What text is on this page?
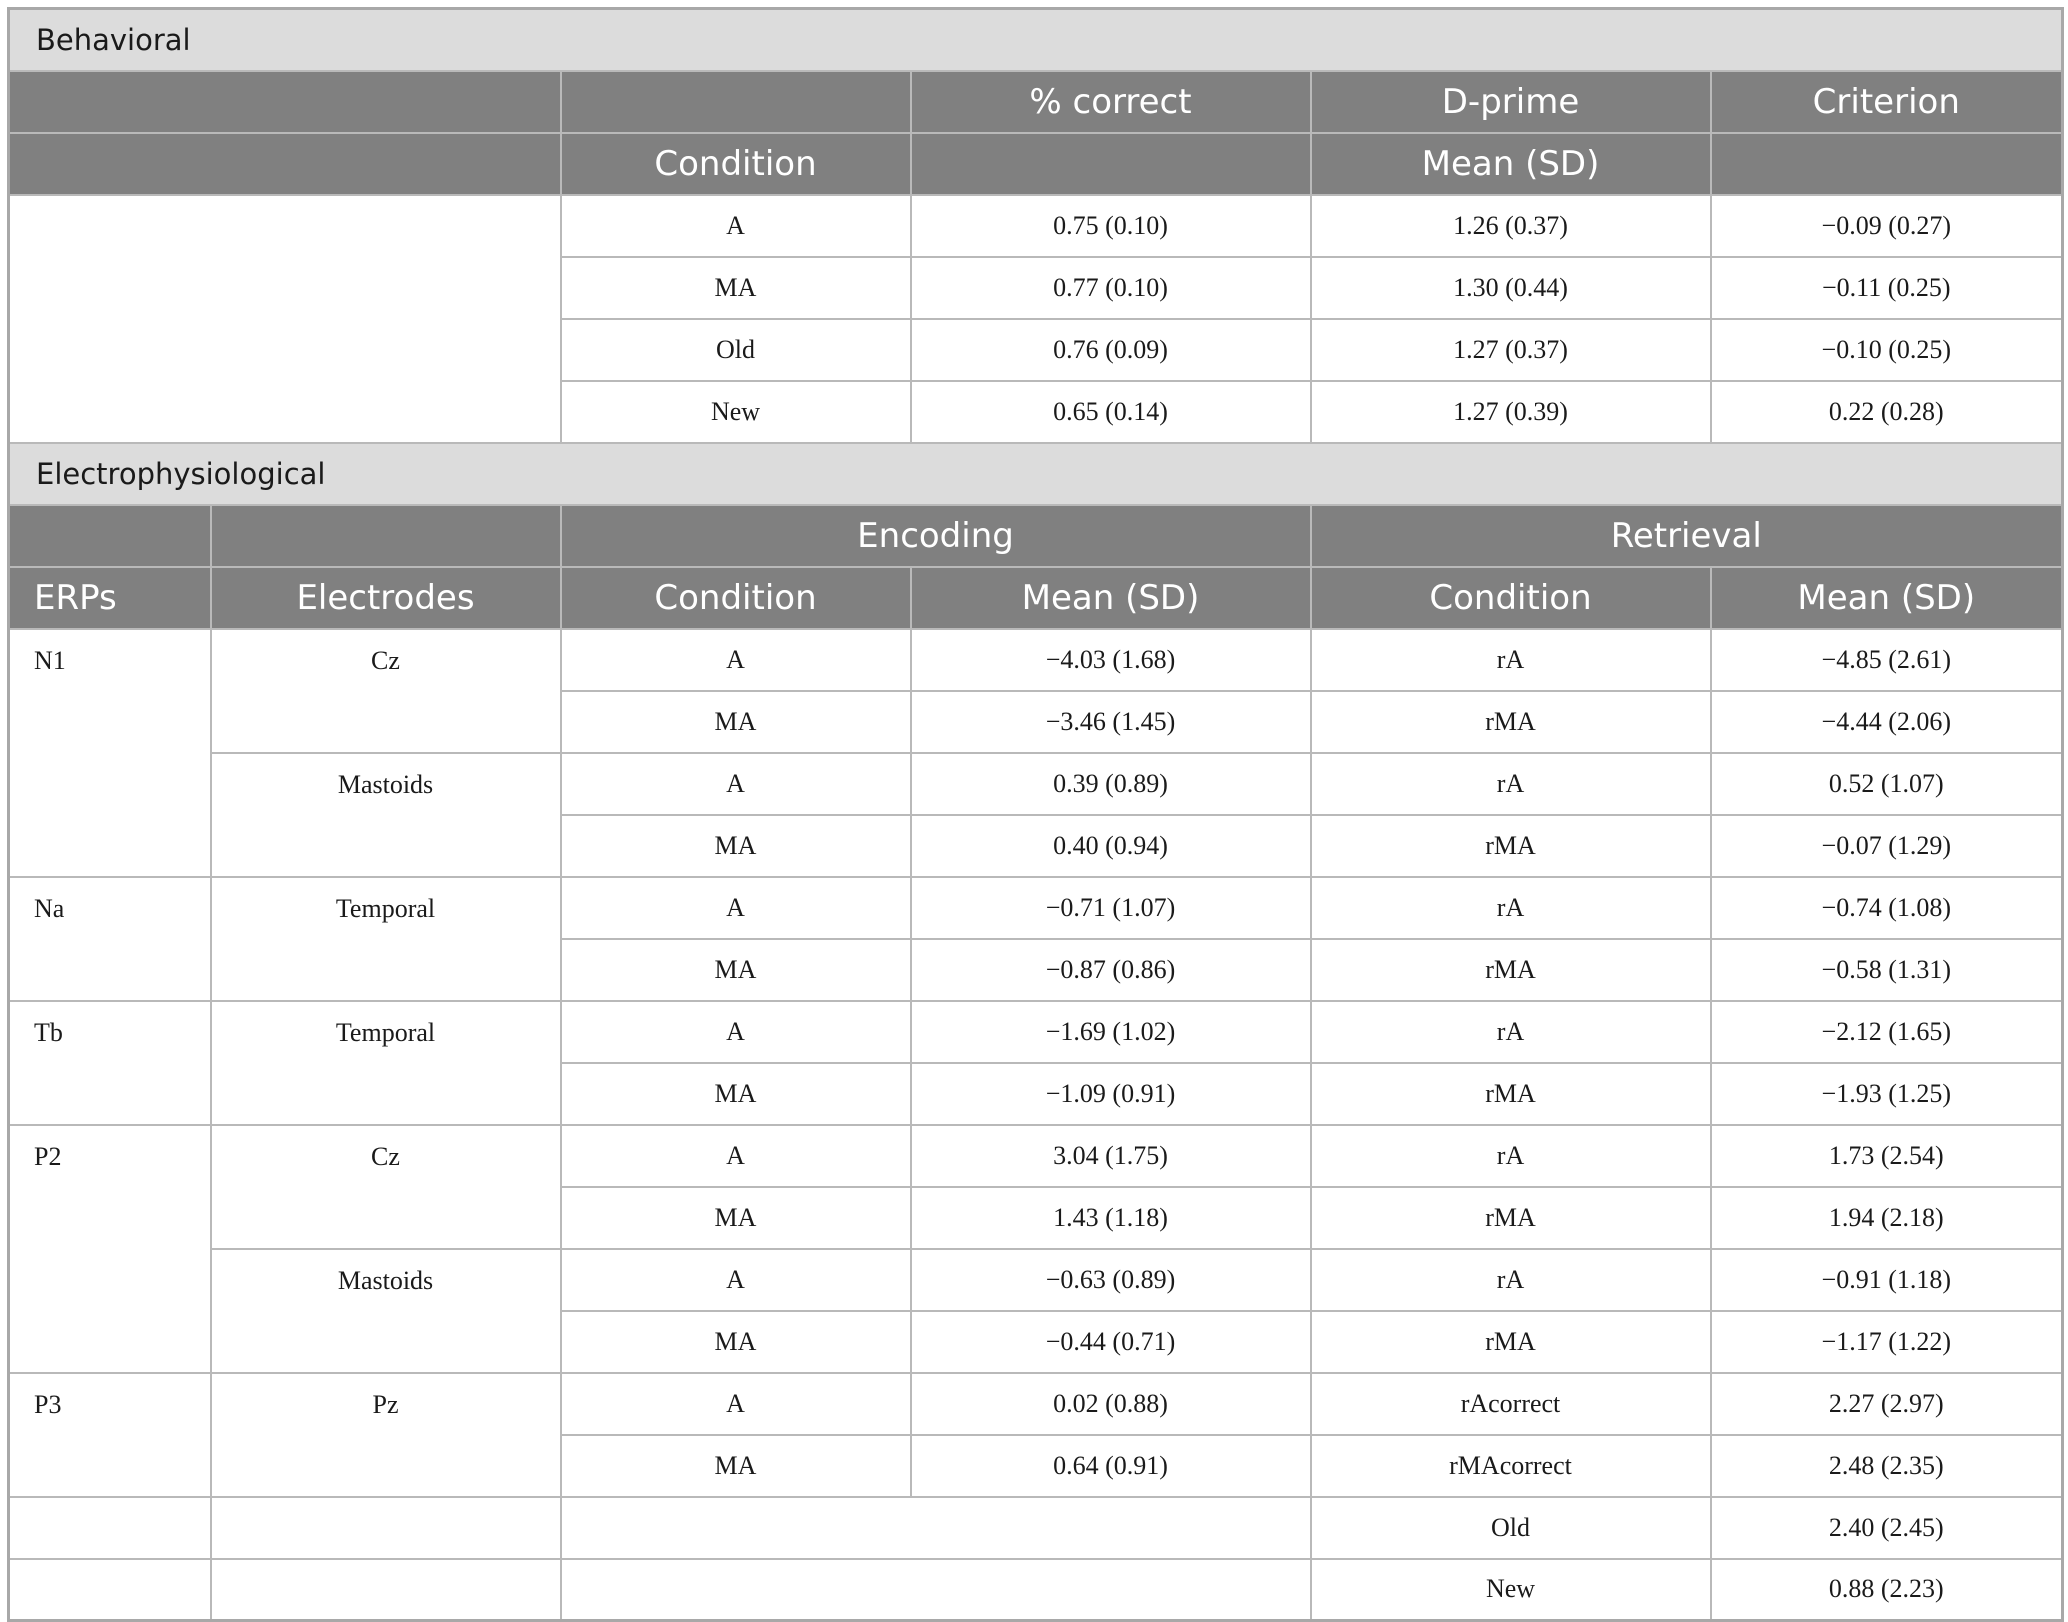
Behavioral					
			% correct	D-prime	Criterion
		Condition		Mean (SD)	
		A	0.75 (0.10)	1.26 (0.37)	−0.09 (0.27)
		MA	0.77 (0.10)	1.30 (0.44)	−0.11 (0.25)
		Old	0.76 (0.09)	1.27 (0.37)	−0.10 (0.25)
		New	0.65 (0.14)	1.27 (0.39)	0.22 (0.28)
Electrophysiological					
		Encoding		Retrieval	
ERPs	Electrodes	Condition	Mean (SD)	Condition	Mean (SD)
N1	Cz	A	−4.03 (1.68)	rA	−4.85 (2.61)
		MA	−3.46 (1.45)	rMA	−4.44 (2.06)
	Mastoids	A	0.39 (0.89)	rA	0.52 (1.07)
		MA	0.40 (0.94)	rMA	−0.07 (1.29)
Na	Temporal	A	−0.71 (1.07)	rA	−0.74 (1.08)
		MA	−0.87 (0.86)	rMA	−0.58 (1.31)
Tb	Temporal	A	−1.69 (1.02)	rA	−2.12 (1.65)
		MA	−1.09 (0.91)	rMA	−1.93 (1.25)
P2	Cz	A	3.04 (1.75)	rA	1.73 (2.54)
		MA	1.43 (1.18)	rMA	1.94 (2.18)
	Mastoids	A	−0.63 (0.89)	rA	−0.91 (1.18)
		MA	−0.44 (0.71)	rMA	−1.17 (1.22)
P3	Pz	A	0.02 (0.88)	rAcorrect	2.27 (2.97)
		MA	0.64 (0.91)	rMAcorrect	2.48 (2.35)
				Old	2.40 (2.45)
				New	0.88 (2.23)
